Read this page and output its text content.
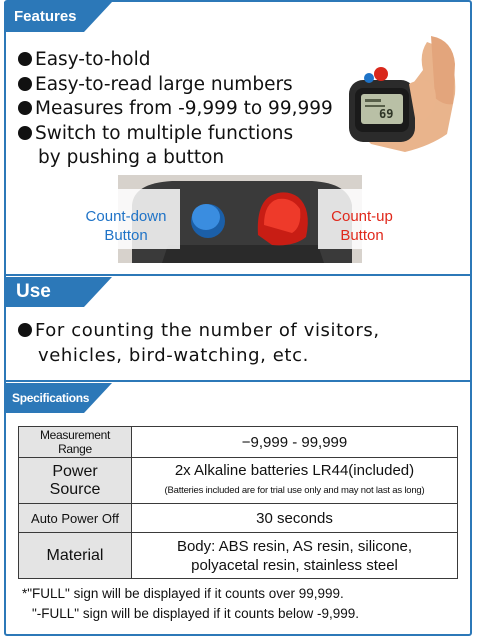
Features
Easy-to-hold
Easy-to-read large numbers
Measures from -9,999 to 99,999
Switch to multiple functions
by pushing a button
69
Count-down
Button
Count-up
Button
Use
For counting the number of visitors,
vehicles, bird-watching, etc.
Specifications
Measurement Range	−9,999 - 99,999
Power
Source	2x Alkaline batteries LR44(included)
(Batteries included are for trial use only and may not last as long)
Auto Power Off	30 seconds
Material	Body: ABS resin, AS resin, silicone,
polyacetal resin, stainless steel
*"FULL" sign will be displayed if it counts over 99,999.
"-FULL" sign will be displayed if it counts below -9,999.
